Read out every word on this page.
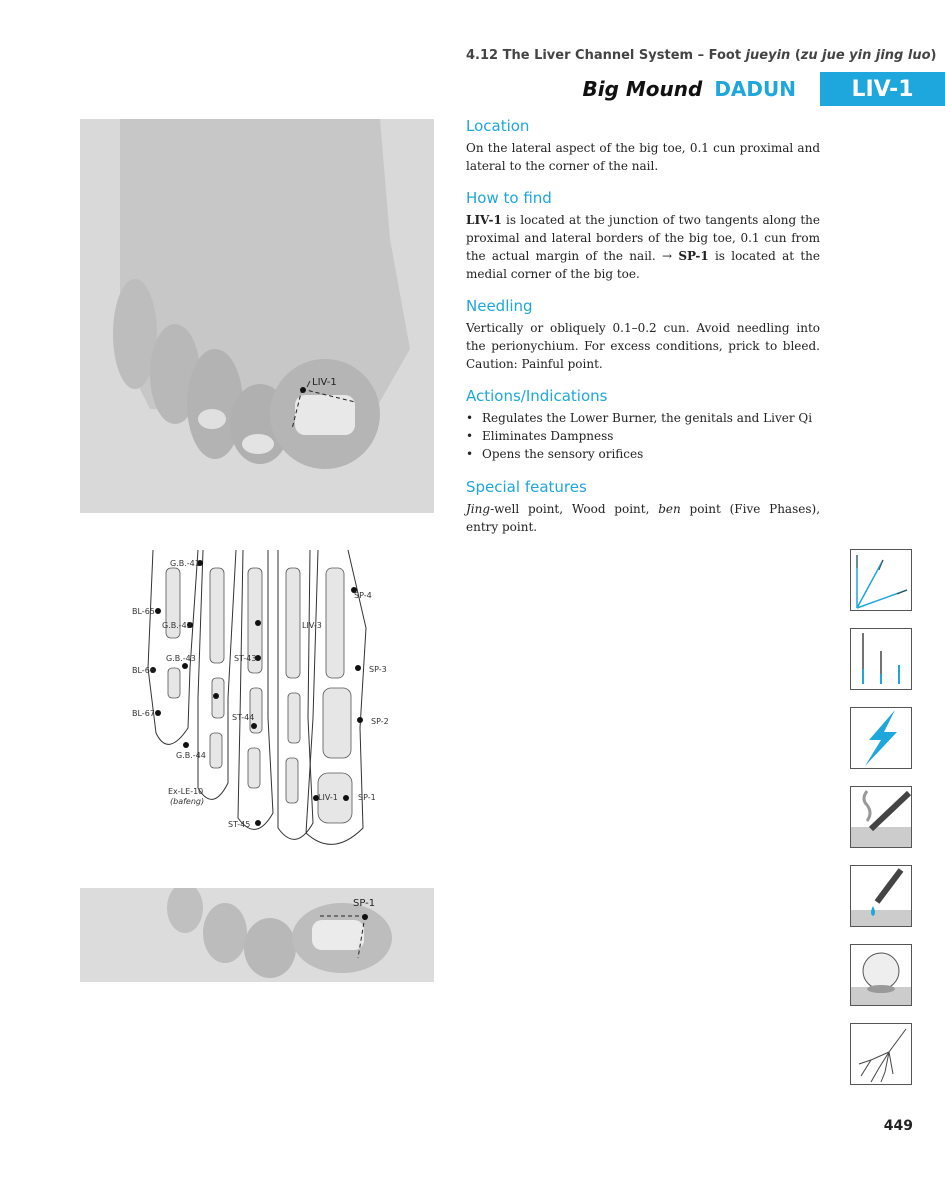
4.12 The Liver Channel System – Foot jueyin (zu jue yin jing luo)
Big Mound DADUN	LIV-1
LIV-1
Location

On the lateral aspect of the big toe, 0.1 cun proximal and lateral to the corner of the nail.

How to find

LIV-1 is located at the junction of two tangents along the proximal and lateral borders of the big toe, 0.1 cun from the actual margin of the nail. → SP-1 is located at the medial corner of the big toe.

Needling

Vertically or obliquely 0.1–0.2 cun. Avoid needling into the perionychium. For excess conditions, prick to bleed. Caution: Painful point.

Actions/Indications
• Regulates the Lower Burner, the genitals and Liver Qi
• Eliminates Dampness
• Opens the sensory orifices
Special features

Jing-well point, Wood point, ben point (Five Phases), entry point.

G.B.-41
SP-4
BL-65
G.B.-42	LIV-3
G.B.-43	ST-43
BL-66	SP-3
BL-67	ST-44	SP-2
G.B.-44
Ex-LE-10
(bafeng)	LIV-1	SP-1
ST-45
SP-1
449
